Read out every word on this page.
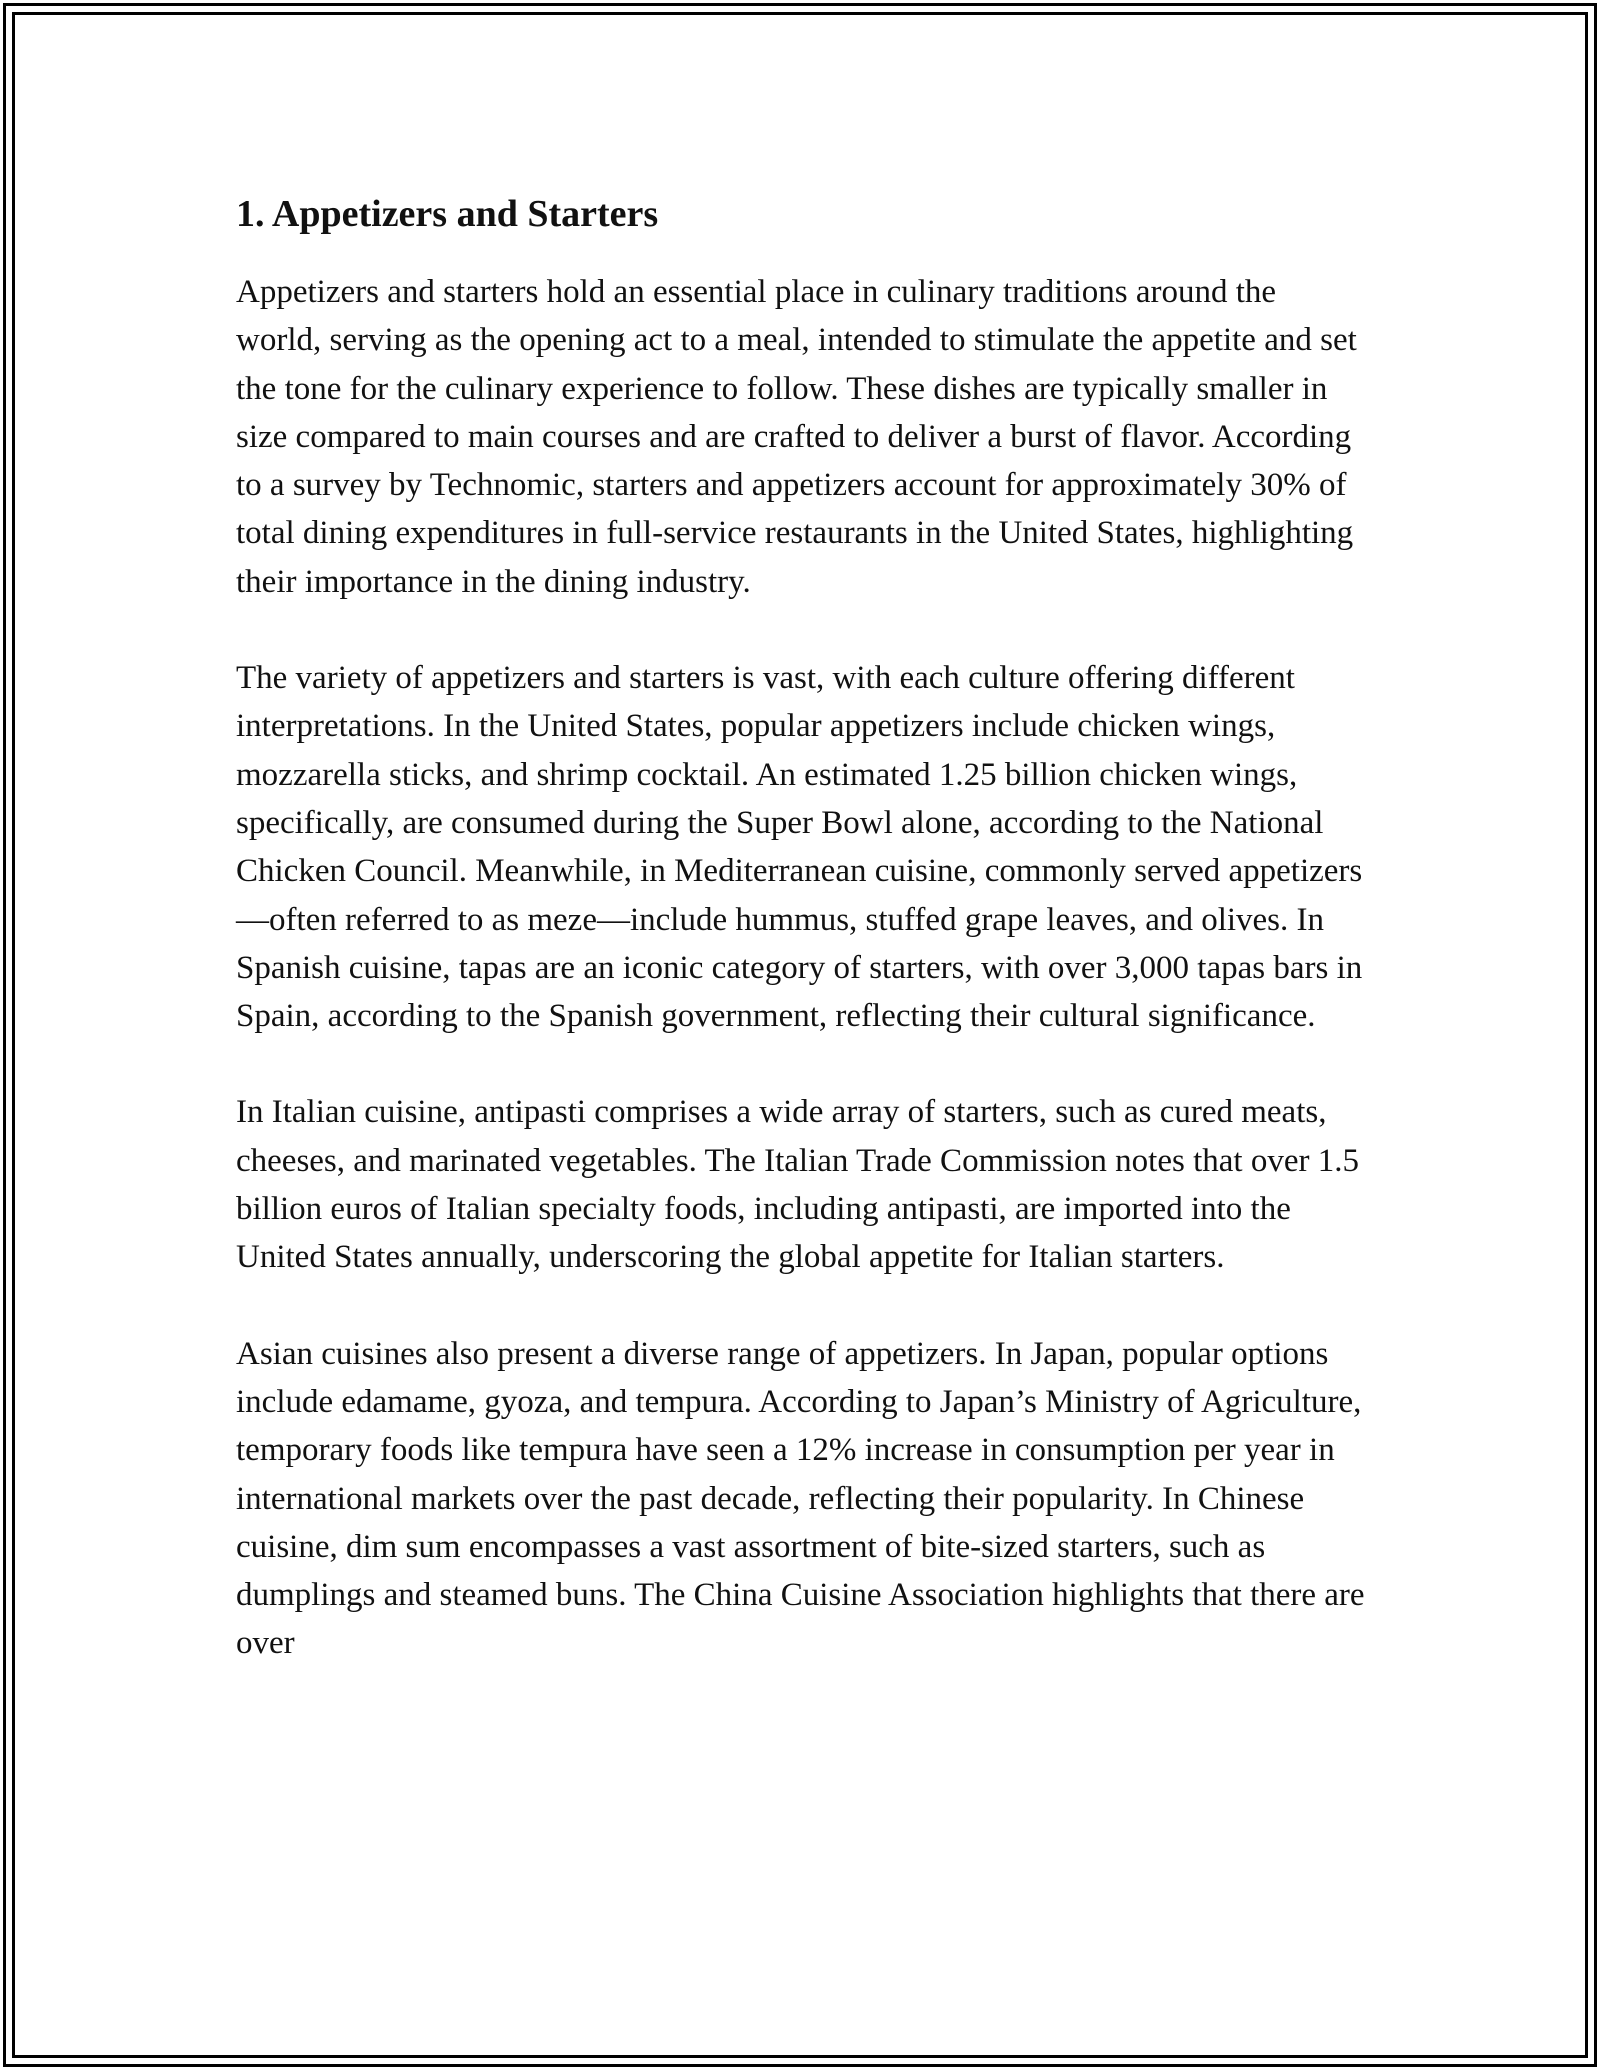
1. Appetizers and Starters

Appetizers and starters hold an essential place in culinary traditions around the world, serving as the opening act to a meal, intended to stimulate the appetite and set the tone for the culinary experience to follow. These dishes are typically smaller in size compared to main courses and are crafted to deliver a burst of flavor. According to a survey by Technomic, starters and appetizers account for approximately 30% of total dining expenditures in full-service restaurants in the United States, highlighting their importance in the dining industry.

The variety of appetizers and starters is vast, with each culture offering different interpretations. In the United States, popular appetizers include chicken wings, mozzarella sticks, and shrimp cocktail. An estimated 1.25 billion chicken wings, specifically, are consumed during the Super Bowl alone, according to the National Chicken Council. Meanwhile, in Mediterranean cuisine, commonly served appetizers—often referred to as meze—include hummus, stuffed grape leaves, and olives. In Spanish cuisine, tapas are an iconic category of starters, with over 3,000 tapas bars in Spain, according to the Spanish government, reflecting their cultural significance.

In Italian cuisine, antipasti comprises a wide array of starters, such as cured meats, cheeses, and marinated vegetables. The Italian Trade Commission notes that over 1.5 billion euros of Italian specialty foods, including antipasti, are imported into the United States annually, underscoring the global appetite for Italian starters.

Asian cuisines also present a diverse range of appetizers. In Japan, popular options include edamame, gyoza, and tempura. According to Japan’s Ministry of Agriculture, temporary foods like tempura have seen a 12% increase in consumption per year in international markets over the past decade, reflecting their popularity. In Chinese cuisine, dim sum encompasses a vast assortment of bite-sized starters, such as dumplings and steamed buns. The China Cuisine Association highlights that there are over
